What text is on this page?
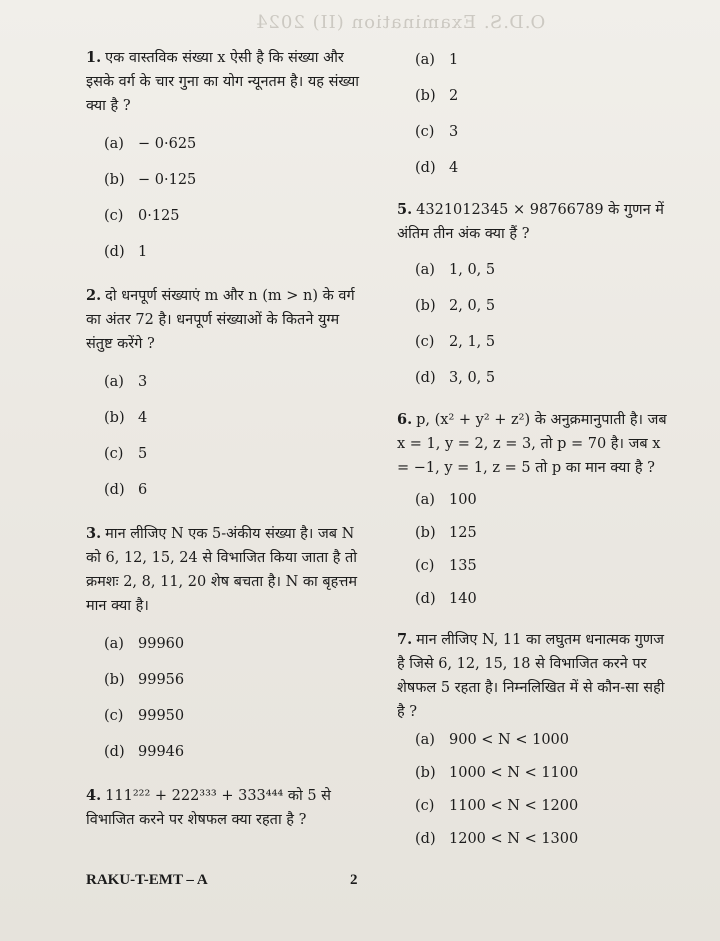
O.D.S. Examination (II) 2024
1. एक वास्तविक संख्या x ऐसी है कि संख्या और इसके वर्ग के चार गुना का योग न्यूनतम है। यह संख्या क्या है ?
(a) − 0·625
(b) − 0·125
(c) 0·125
(d) 1
2. दो धनपूर्ण संख्याएं m और n (m > n) के वर्ग का अंतर 72 है। धनपूर्ण संख्याओं के कितने युग्म संतुष्ट करेंगे ?
(a) 3
(b) 4
(c) 5
(d) 6
3. मान लीजिए N एक 5-अंकीय संख्या है। जब N को 6, 12, 15, 24 से विभाजित किया जाता है तो क्रमशः 2, 8, 11, 20 शेष बचता है। N का बृहत्तम मान क्या है।
(a) 99960
(b) 99956
(c) 99950
(d) 99946
4. 111²²² + 222³³³ + 333⁴⁴⁴ को 5 से विभाजित करने पर शेषफल क्या रहता है ?
(a) 1
(b) 2
(c) 3
(d) 4
5. 4321012345 × 98766789 के गुणन में अंतिम तीन अंक क्या हैं ?
(a) 1, 0, 5
(b) 2, 0, 5
(c) 2, 1, 5
(d) 3, 0, 5
6. p, (x² + y² + z²) के अनुक्रमानुपाती है। जब x = 1, y = 2, z = 3, तो p = 70 है। जब x = −1, y = 1, z = 5 तो p का मान क्या है ?
(a) 100
(b) 125
(c) 135
(d) 140
7. मान लीजिए N, 11 का लघुतम धनात्मक गुणज है जिसे 6, 12, 15, 18 से विभाजित करने पर शेषफल 5 रहता है। निम्नलिखित में से कौन-सा सही है ?
(a) 900 < N < 1000
(b) 1000 < N < 1100
(c) 1100 < N < 1200
(d) 1200 < N < 1300
RAKU-T-EMT – A	2
